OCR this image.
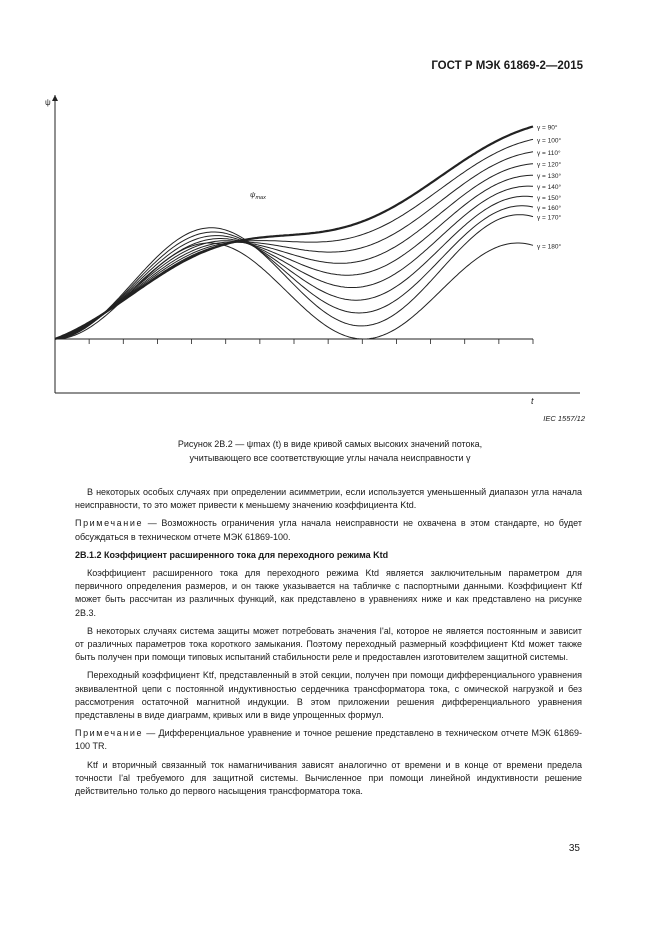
ГОСТ Р МЭК 61869-2—2015
ψ
t
γ = 90°
γ = 100°
γ = 110°
γ = 120°
γ = 130°
γ = 140°
γ = 150°
γ = 160°
γ = 170°
γ = 180°
$\psi_{max}$
IEC 1557/12
Рисунок 2В.2 — ψmax (t) в виде кривой самых высоких значений потока,
учитывающего все соответствующие углы начала неисправности γ

В некоторых особых случаях при определении асимметрии, если используется уменьшенный диапазон угла начала неисправности, то это может привести к меньшему значению коэффициента Ktd.

Примечание — Возможность ограничения угла начала неисправности не охвачена в этом стандарте, но будет обсуждаться в техническом отчете МЭК 61869-100.

2В.1.2 Коэффициент расширенного тока для переходного режима Ktd

Коэффициент расширенного тока для переходного режима Ktd является заключительным параметром для первичного определения размеров, и он также указывается на табличке с паспортными данными. Коэффициент Ktf может быть рассчитан из различных функций, как представлено в уравнениях ниже и как представлено на рисунке 2В.3.

В некоторых случаях система защиты может потребовать значения I'al, которое не является постоянным и зависит от различных параметров тока короткого замыкания. Поэтому переходный размерный коэффициент Ktd может также быть получен при помощи типовых испытаний стабильности реле и предоставлен изготовителем защитной системы.

Переходный коэффициент Ktf, представленный в этой секции, получен при помощи дифференциального уравнения эквивалентной цепи с постоянной индуктивностью сердечника трансформатора тока, с омической нагрузкой и без рассмотрения остаточной магнитной индукции. В этом приложении решения дифференциального уравнения представлены в виде диаграмм, кривых или в виде упрощенных формул.

Примечание — Дифференциальное уравнение и точное решение представлено в техническом отчете МЭК 61869-100 TR.

Ktf и вторичный связанный ток намагничивания зависят аналогично от времени и в конце от времени предела точности I'al требуемого для защитной системы. Вычисленное при помощи линейной индуктивности решение действительно только до первого насыщения трансформатора тока.

35
